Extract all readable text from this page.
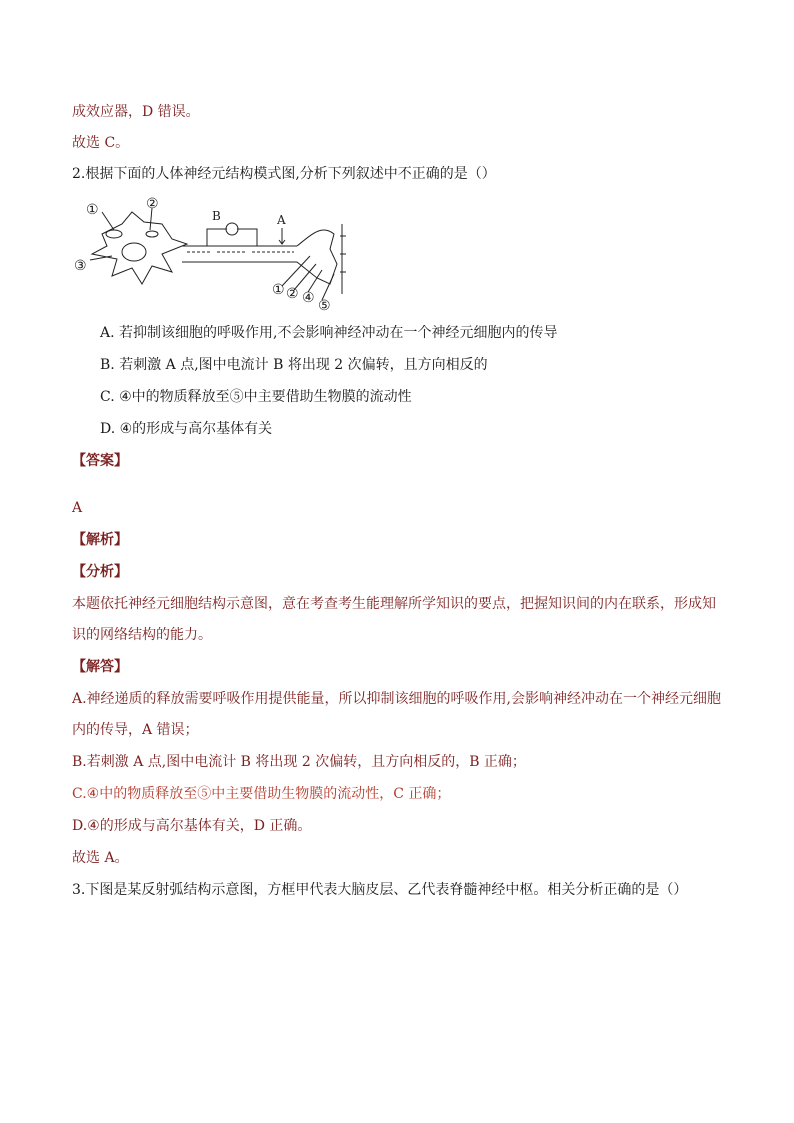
成效应器，D 错误。
故选 C。
2.根据下面的人体神经元结构模式图,分析下列叙述中不正确的是（）
①	②
③
B	A
① ② ④ ⑤
A. 若抑制该细胞的呼吸作用,不会影响神经冲动在一个神经元细胞内的传导
B. 若刺激 A 点,图中电流计 B 将出现 2 次偏转，且方向相反的
C. ④中的物质释放至⑤中主要借助生物膜的流动性
D. ④的形成与高尔基体有关
【答案】
A
【解析】
【分析】
本题依托神经元细胞结构示意图，意在考查考生能理解所学知识的要点，把握知识间的内在联系，形成知
识的网络结构的能力。
【解答】
A.神经递质的释放需要呼吸作用提供能量，所以抑制该细胞的呼吸作用,会影响神经冲动在一个神经元细胞
内的传导，A 错误；
B.若刺激 A 点,图中电流计 B 将出现 2 次偏转，且方向相反的，B 正确；
C.④中的物质释放至⑤中主要借助生物膜的流动性，C 正确；
D.④的形成与高尔基体有关，D 正确。
故选 A。
3.下图是某反射弧结构示意图，方框甲代表大脑皮层、乙代表脊髓神经中枢。相关分析正确的是（）
